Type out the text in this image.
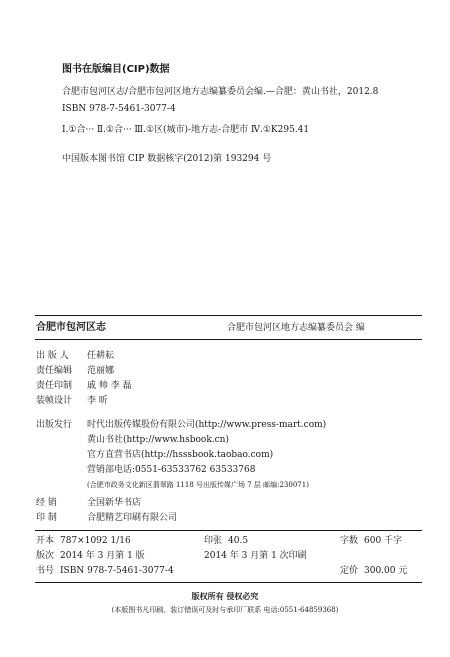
图书在版编目(CIP)数据
合肥市包河区志/合肥市包河区地方志编纂委员会编.—合肥：黄山书社，2012.8
ISBN 978-7-5461-3077-4
Ⅰ.①合··· Ⅱ.①合··· Ⅲ.①区(城市)-地方志-合肥市 Ⅳ.①K295.41
中国版本图书馆 CIP 数据核字(2012)第 193294 号
合肥市包河区志	合肥市包河区地方志编纂委员会 编
出 版 人 任耕耘
责任编辑 范丽娜
责任印制 戚 帅 李 磊
装帧设计 李 昕
出版发行 时代出版传媒股份有限公司(http://www.press-mart.com)
黄山书社(http://www.hsbook.cn)
官方直营书店(http://hsssbook.taobao.com)
营销部电话:0551-63533762 63533768
(合肥市政务文化新区翡翠路 1118 号出版传媒广场 7 层 邮编:230071)
经 销	全国新华书店
印 制	合肥精艺印刷有限公司
开本 787×1092 1/16	印张 40.5	字数 600 千字
版次 2014 年 3 月第 1 版	2014 年 3 月第 1 次印刷
书号 ISBN 978-7-5461-3077-4	定价 300.00 元
版权所有 侵权必究
(本版图书凡印刷、装订错误可及时与承印厂联系 电话:0551-64859368)
